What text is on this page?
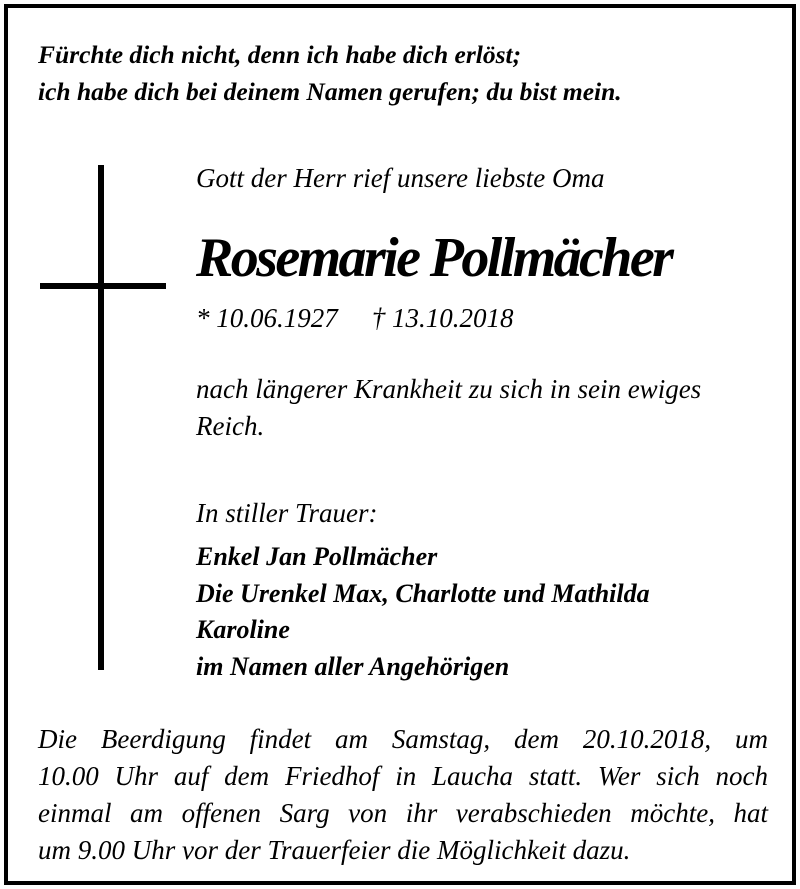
Fürchte dich nicht, denn ich habe dich erlöst;
ich habe dich bei deinem Namen gerufen; du bist mein.

Gott der Herr rief unsere liebste Oma

Rosemarie Pollmächer

* 10.06.1927 † 13.10.2018

nach längerer Krankheit zu sich in sein ewiges
Reich.

In stiller Trauer:

Enkel Jan Pollmächer
Die Urenkel Max, Charlotte und Mathilda
Karoline
im Namen aller Angehörigen

Die Beerdigung findet am Samstag, dem 20.10.2018, um
10.00 Uhr auf dem Friedhof in Laucha statt. Wer sich noch
einmal am offenen Sarg von ihr verabschieden möchte, hat
um 9.00 Uhr vor der Trauerfeier die Möglichkeit dazu.
